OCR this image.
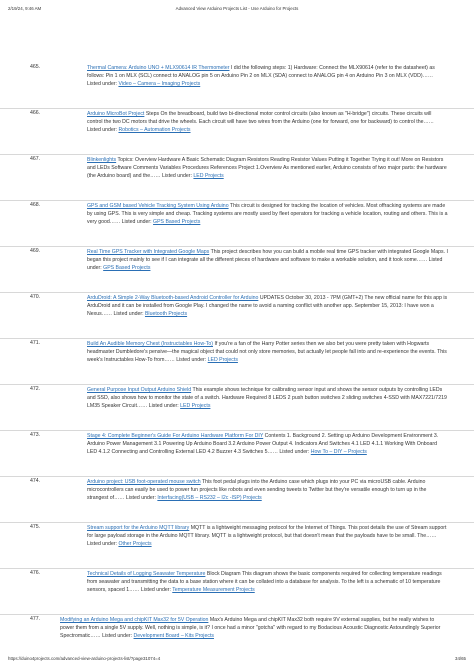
2/19/24, 9:46 AM	Advanced View Arduino Projects List - Use Arduino for Projects
465.	Thermal Camera: Arduino UNO + MLX90614 IR Thermometer I did the following steps: 1) Hardware: Connect the MLX90614 (refer to the datasheet) as follows: Pin 1 on MLX (SCL) connect to ANALOG pin 5 on Arduino Pin 2 on MLX (SDA) connect to ANALOG pin 4 on Arduino Pin 3 on MLX (VDD)…… Listed under: Video – Camera – Imaging Projects
466.	Arduino MicroBot Project Steps On the breadboard, build two bi-directional motor control circuits (also known as "H-bridge") circuits. These circuits will control the two DC motors that drive the wheels. Each circuit will have two wires from the Arduino (one for forward, one for backward) to control the…… Listed under: Robotics – Automation Projects
467.	Blinkenlights Topics: Overview Hardware A Basic Schematic Diagram Resistors Reading Resistor Values Putting it Together Trying it out! More on Resistors and LEDs Software Comments Variables Procedures References Project 1.Overview As mentioned earlier, Arduino consists of two major parts: the hardware (the Arduino board) and the…… Listed under: LED Projects
468.	GPS and GSM based Vehicle Tracking System Using Arduino This circuit is designed for tracking the location of vehicles. Most offracking systems are made by using GPS. This is very simple and cheap. Tracking systems are mostly used by fleet operators for tracking a vehicle location, routing and others. This is a very good…… Listed under: GPS Based Projects
469.	Real Time GPS Tracker with Integrated Google Maps This project describes how you can build a mobile real time GPS tracker with integrated Google Maps. I began this project mainly to see if I can integrate all the different pieces of hardware and software to make a workable solution, and it took some…… Listed under: GPS Based Projects
470.	ArduDroid: A Simple 2-Way Bluetooth-based Android Controller for Arduino UPDATES October 30, 2013 - 7PM (GMT+2) The new official name for this app is ArduDroid and it can be installed from Google Play. I changed the name to avoid a naming conflict with another app. September 15, 2013: I have won a Nexus…… Listed under: Bluetooth Projects
471.	Build An Audible Memory Chest (Instructables How-To) If you're a fan of the Harry Potter series then we also bet you were pretty taken with Hogwarts headmaster Dumbledore's pensive—the magical object that could not only store memories, but actually let people fall into and re-experience the events. This week's Instructables How-To from…… Listed under: LED Projects
472.	General Purpose Input Output Arduino Shield This example shows technique for calibrating sensor input and shows the sensor outputs by controlling LEDs and SSD, also shows how to monitor the state of a switch. Hardware Required 8 LEDS 2 push button switches 2 sliding switches 4-SSD with MAX7221/7219 LM35 Speaker Circuit…… Listed under: LED Projects
473.	Stage 4: Complete Beginner's Guide For Arduino Hardware Platform For DIY Contents 1. Background 2. Setting up Arduino Development Environment 3. Arduino Power Management 3.1 Powering Up Arduino Board 3.2 Arduino Power Output 4. Indicators And Switches 4.1 LED 4.1.1 Working With Onboard LED 4.1.2 Connecting and Controlling External LED 4.2 Buzzer 4.3 Switches 5…… Listed under: How To – DIY – Projects
474.	Arduino project: USB foot-operated mouse switch This foot pedal plugs into the Arduino case which plugs into your PC via microUSB cable. Arduino microcontrollers can easily be used to power fun projects like robots and even sending tweets to Twitter but they're versatile enough to turn up in the strangest of…… Listed under: Interfacing(USB – RS232 – I2c -ISP) Projects
475.	Stream support for the Arduino MQTT library MQTT is a lightweight messaging protocol for the Internet of Things. This post details the use of Stream support for large payload storage in the Arduino MQTT library. MQTT is a lightweight protocol, but that doesn't mean that the payloads have to be small. The…… Listed under: Other Projects
476.	Technical Details of Logging Seawater Temperature Block Diagram This diagram shows the basic components required for collecting temperature readings from seawater and transmitting the data to a base station where it can be collated into a database for analysis. To the left is a schematic of 10 temperature sensors, spaced 1…… Listed under: Temperature Measurement Projects
477.	Modifying an Arduino Mega and chipKIT Max32 for 5V Operation Max's Arduino Mega and chipKIT Max32 both require 9V external supplies, but he really wishes to power them from a single 5V supply. Well, nothing is simple, is it? I once had a minor "gotcha" with regard to my Bodacious Acoustic Diagnostic Astoundingly Superior Spectromatic…… Listed under: Development Board – Kits Projects
https://duino4projects.com/advanced-view-arduino-projects-list/?page31074=4	34/65
